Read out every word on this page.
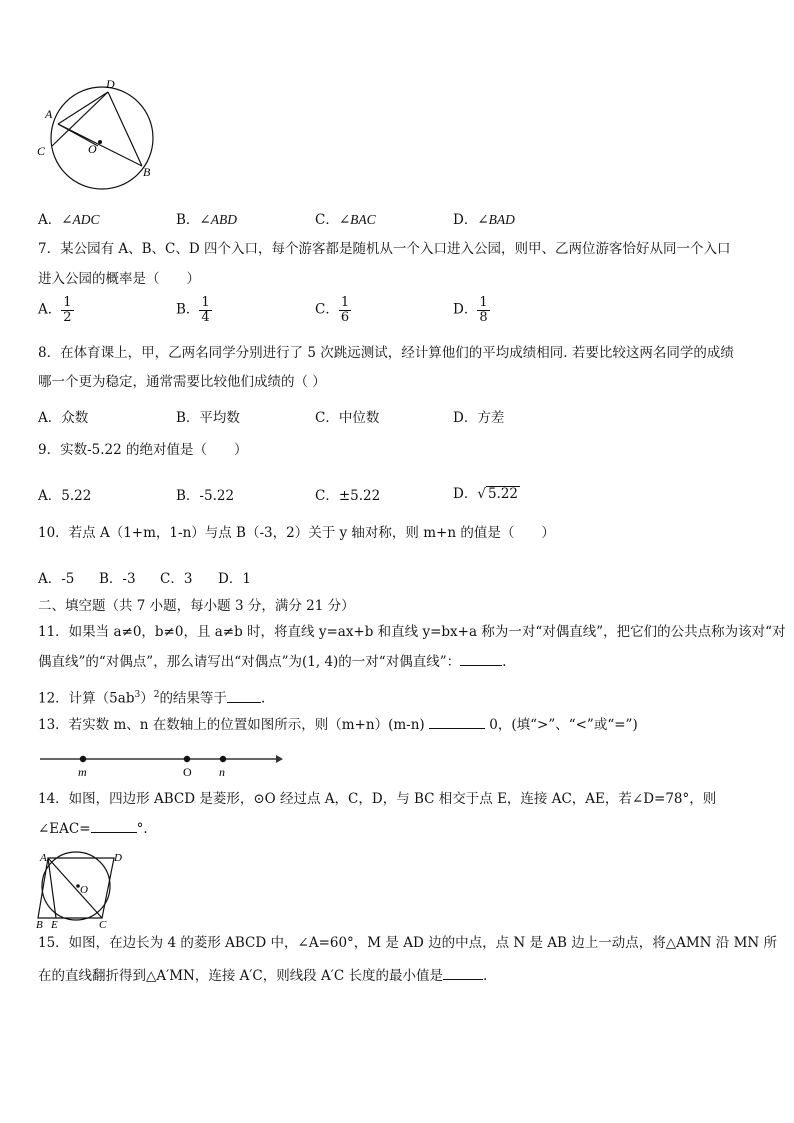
D
A
C	O
B
A．∠ADC	B．∠ABD	C．∠BAC	D．∠BAD
7．某公园有 A、B、C、D 四个入口，每个游客都是随机从一个入口进入公园，则甲、乙两位游客恰好从同一个入口
进入公园的概率是（　　）
A． $\frac{1}{2}$	B． $\frac{1}{4}$	C． $\frac{1}{6}$	D． $\frac{1}{8}$
8．在体育课上，甲，乙两名同学分别进行了 5 次跳远测试，经计算他们的平均成绩相同. 若要比较这两名同学的成绩
哪一个更为稳定，通常需要比较他们成绩的（ ）
A．众数	B．平均数	C．中位数	D．方差
9．实数-5.22 的绝对值是（　　）
A．5.22	B．-5.22	C．±5.22	D．√ 5.22
10．若点 A（1+m，1-n）与点 B（-3，2）关于 y 轴对称，则 m+n 的值是（　　）
A．-5 B．-3 C．3 D．1
二、填空题（共 7 小题，每小题 3 分，满分 21 分）
11．如果当 a≠0，b≠0，且 a≠b 时，将直线 y=ax+b 和直线 y=bx+a 称为一对“对偶直线”，把它们的公共点称为该对“对
偶直线”的“对偶点”，那么请写出“对偶点”为(1, 4)的一对“对偶直线”：	.
12．计算$(5ab^3)^2$的结果等于	.
13．若实数 m、n 在数轴上的位置如图所示，则（m+n）(m-n)	0，(填“>”、“<”或“=”)
m	O n
14．如图，四边形 ABCD 是菱形，⊙O 经过点 A，C，D，与 BC 相交于点 E，连接 AC，AE，若∠D=78°，则
∠EAC=	°.
A	D
O
B E	C
15．如图，在边长为 4 的菱形 ABCD 中，∠A=60°，M 是 AD 边的中点，点 N 是 AB 边上一动点，将△AMN 沿 MN 所
在的直线翻折得到△A′MN，连接 A′C，则线段 A′C 长度的最小值是	.
